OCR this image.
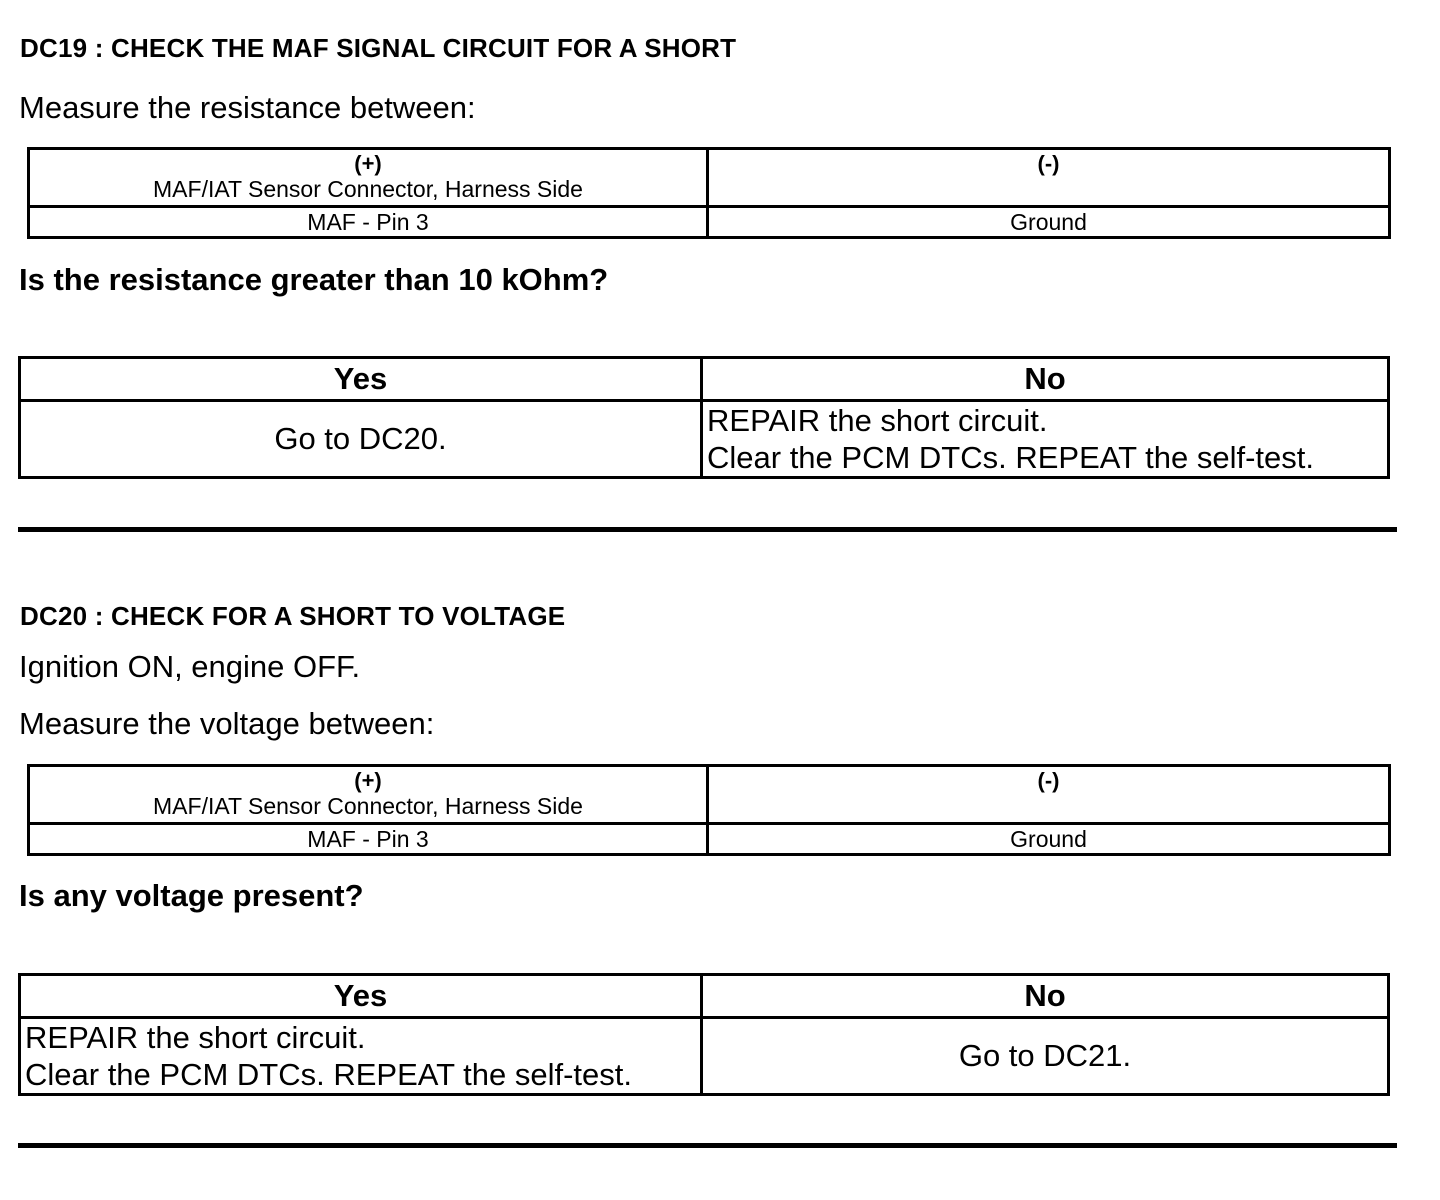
DC19 : CHECK THE MAF SIGNAL CIRCUIT FOR A SHORT
Measure the resistance between:
(+)
MAF/IAT Sensor Connector, Harness Side	(-)

MAF - Pin 3	Ground
Is the resistance greater than 10 kOhm?
Yes	No
Go to DC20.	REPAIR the short circuit.
Clear the PCM DTCs. REPEAT the self-test.
DC20 : CHECK FOR A SHORT TO VOLTAGE
Ignition ON, engine OFF.
Measure the voltage between:
(+)
MAF/IAT Sensor Connector, Harness Side	(-)

MAF - Pin 3	Ground
Is any voltage present?
Yes	No

REPAIR the short circuit.
Clear the PCM DTCs. REPEAT the self-test.	Go to DC21.
